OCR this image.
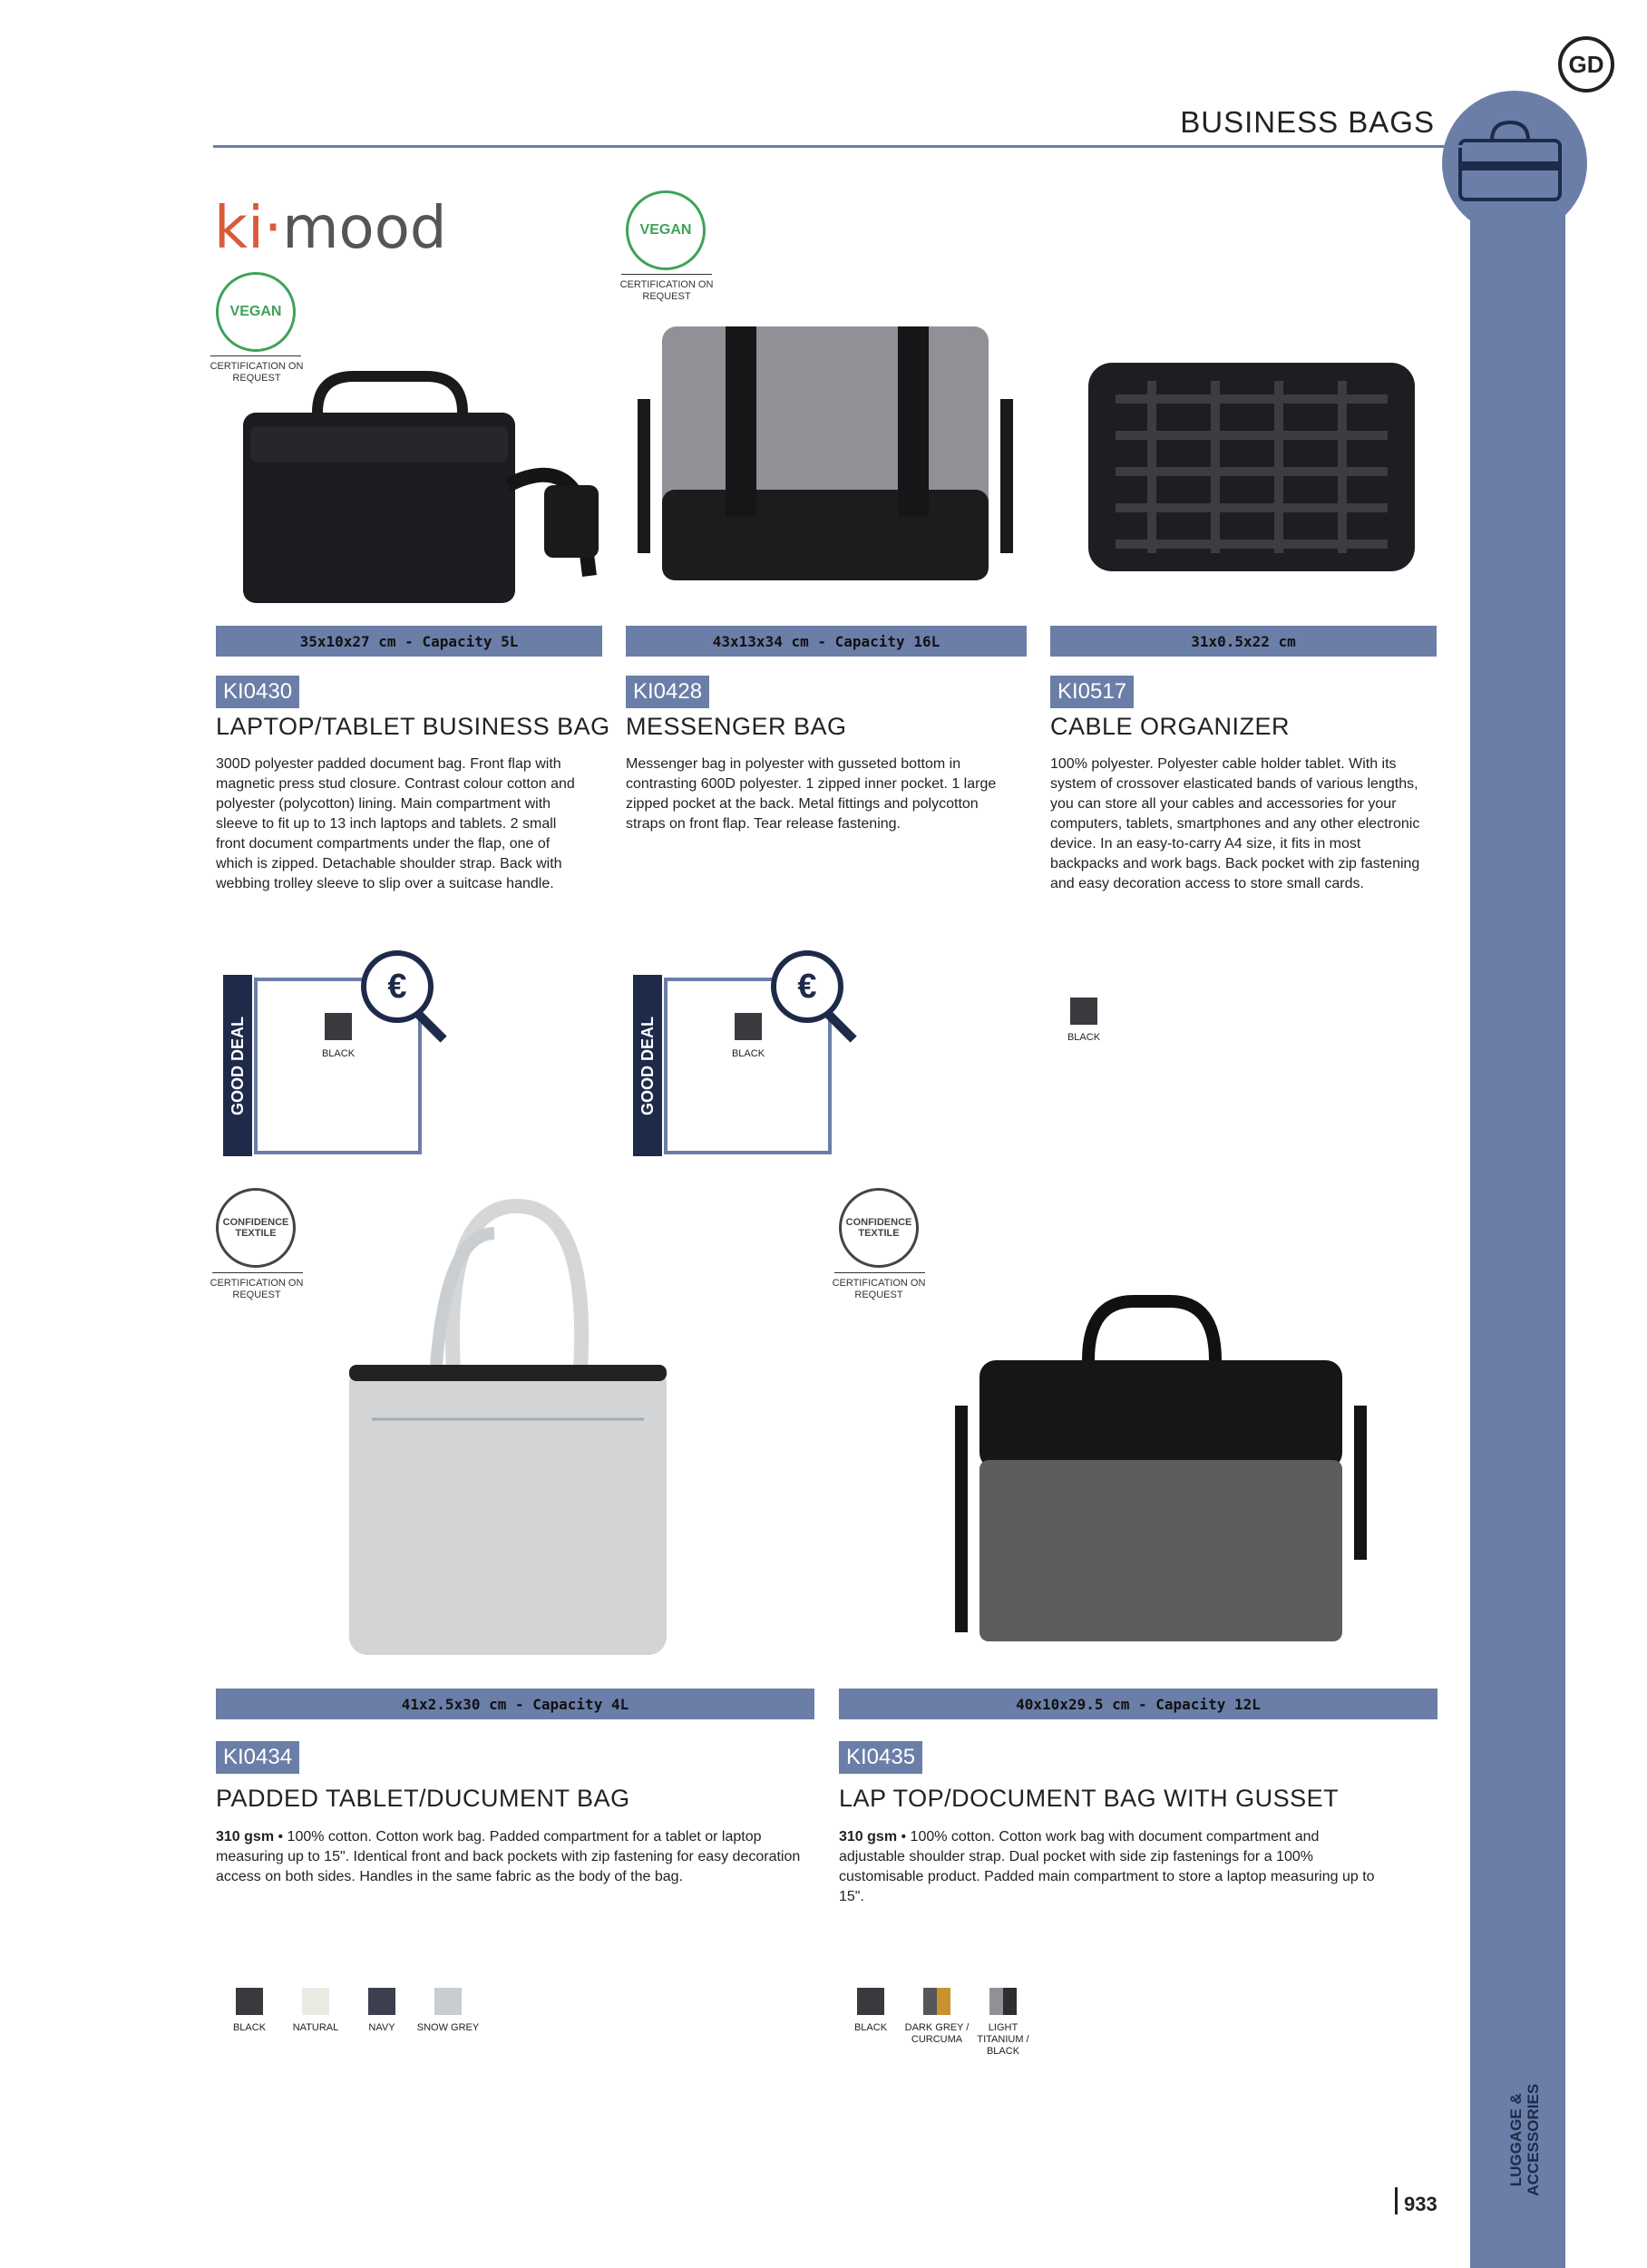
GD
LUGGAGE &
ACCESSORIES
BUSINESS BAGS
ki·mood
VEGAN
CERTIFICATION ON REQUEST
VEGAN
CERTIFICATION ON REQUEST
35x10x27 cm - Capacity 5L	43x13x34 cm - Capacity 16L	31x0.5x22 cm
KI0430	KI0428	KI0517
LAPTOP/TABLET BUSINESS BAG MESSENGER BAG	CABLE ORGANIZER
300D polyester padded document bag. Front flap with magnetic press stud closure. Contrast colour cotton and polyester (polycotton) lining. Main compartment with sleeve to fit up to 13 inch laptops and tablets. 2 small front document compartments under the flap, one of which is zipped. Detachable shoulder strap. Back with webbing trolley sleeve to slip over a suitcase handle.
Messenger bag in polyester with gusseted bottom in contrasting 600D polyester. 1 zipped inner pocket. 1 large zipped pocket at the back. Metal fittings and polycotton straps on front flap. Tear release fastening.
100% polyester. Polyester cable holder tablet. With its system of crossover elasticated bands of various lengths, you can store all your cables and accessories for your computers, tablets, smartphones and any other electronic device. In an easy-to-carry A4 size, it fits in most backpacks and work bags. Back pocket with zip fastening and easy decoration access to store small cards.
GOOD DEAL
€
BLACK	GOOD DEAL
€
BLACK
BLACK
CONFIDENCE TEXTILE
CERTIFICATION ON REQUEST
CONFIDENCE TEXTILE
CERTIFICATION ON REQUEST
41x2.5x30 cm - Capacity 4L	40x10x29.5 cm - Capacity 12L
KI0434	KI0435
PADDED TABLET/DUCUMENT BAG	LAP TOP/DOCUMENT BAG WITH GUSSET
310 gsm • 100% cotton. Cotton work bag. Padded compartment for a tablet or laptop measuring up to 15". Identical front and back pockets with zip fastening for easy decoration access on both sides. Handles in the same fabric as the body of the bag.
310 gsm • 100% cotton. Cotton work bag with document compartment and adjustable shoulder strap. Dual pocket with side zip fastenings for a 100% customisable product. Padded main compartment to store a laptop measuring up to 15".
BLACK	NATURAL	NAVY	SNOW GREY	BLACK	DARK GREY / CURCUMA
LIGHT TITANIUM / BLACK
933
